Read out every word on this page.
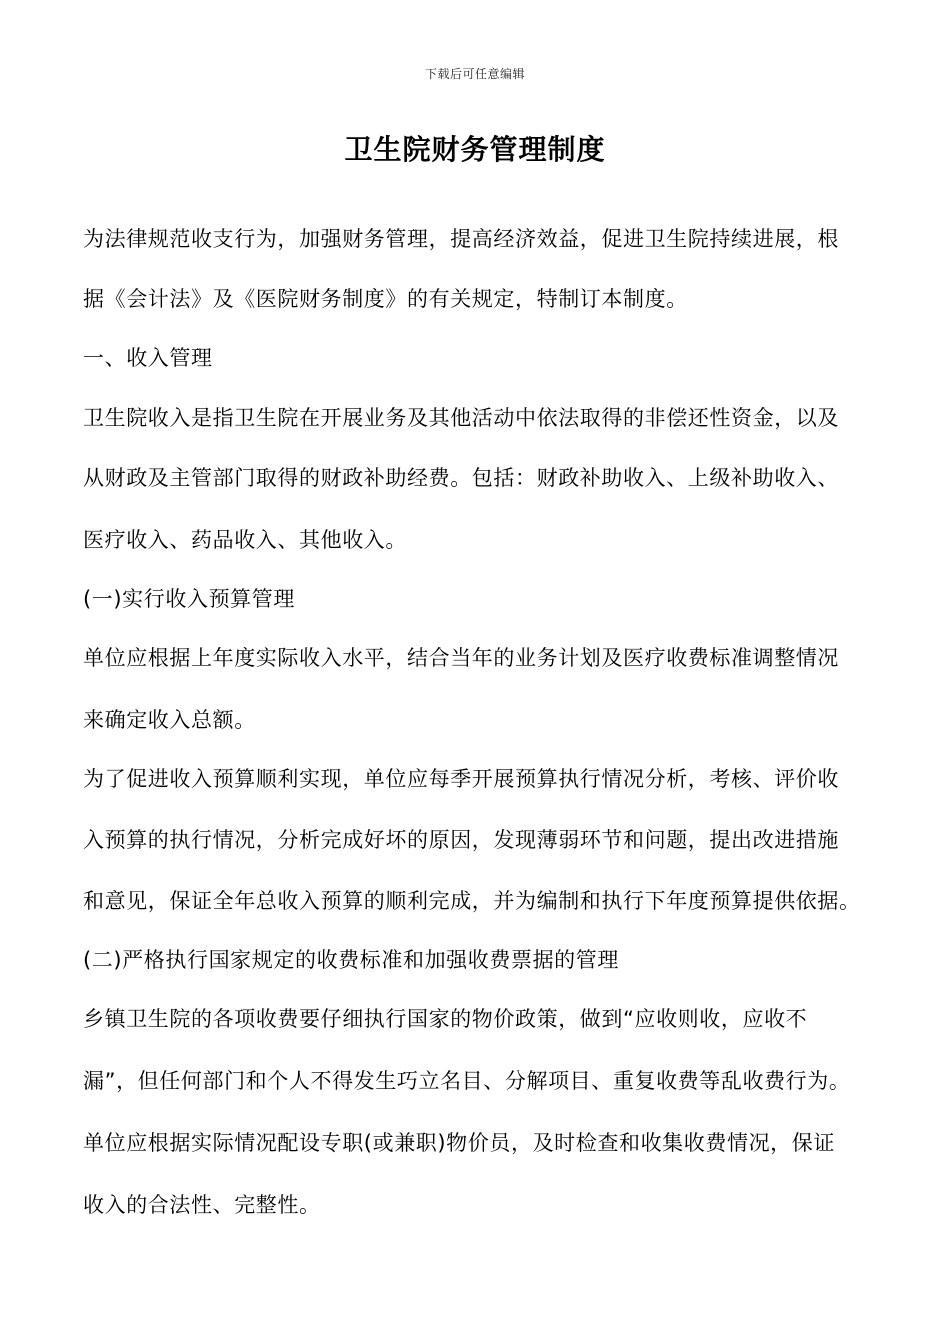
下载后可任意编辑
卫生院财务管理制度
为法律规范收支行为，加强财务管理，提高经济效益，促进卫生院持续进展，根
据《会计法》及《医院财务制度》的有关规定，特制订本制度。
一、收入管理
卫生院收入是指卫生院在开展业务及其他活动中依法取得的非偿还性资金，以及
从财政及主管部门取得的财政补助经费。包括：财政补助收入、上级补助收入、
医疗收入、药品收入、其他收入。
(一)实行收入预算管理
单位应根据上年度实际收入水平，结合当年的业务计划及医疗收费标准调整情况
来确定收入总额。
为了促进收入预算顺利实现，单位应每季开展预算执行情况分析，考核、评价收
入预算的执行情况，分析完成好坏的原因，发现薄弱环节和问题，提出改进措施
和意见，保证全年总收入预算的顺利完成，并为编制和执行下年度预算提供依据。
(二)严格执行国家规定的收费标准和加强收费票据的管理
乡镇卫生院的各项收费要仔细执行国家的物价政策，做到“应收则收，应收不
漏”，但任何部门和个人不得发生巧立名目、分解项目、重复收费等乱收费行为。
单位应根据实际情况配设专职(或兼职)物价员，及时检查和收集收费情况，保证
收入的合法性、完整性。
